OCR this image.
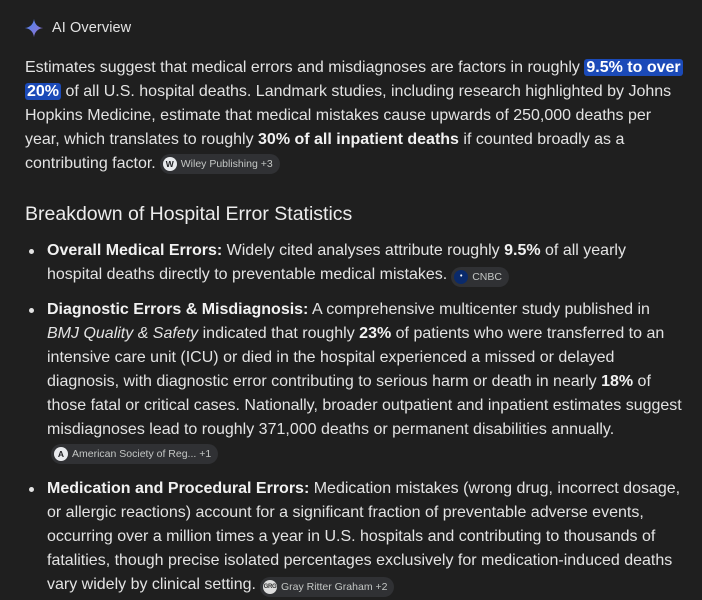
AI Overview

Estimates suggest that medical errors and misdiagnoses are factors in roughly 9.5% to over 20% of all U.S. hospital deaths. Landmark studies, including research highlighted by Johns Hopkins Medicine, estimate that medical mistakes cause upwards of 250,000 deaths per year, which translates to roughly 30% of all inpatient deaths if counted broadly as a contributing factor.	W Wiley Publishing +3

Breakdown of Hospital Error Statistics
Overall Medical Errors: Widely cited analyses attribute roughly 9.5% of all yearly hospital deaths directly to preventable medical mistakes.	• CNBC
Diagnostic Errors & Misdiagnosis: A comprehensive multicenter study published in BMJ Quality & Safety indicated that roughly 23% of patients who were transferred to an intensive care unit (ICU) or died in the hospital experienced a missed or delayed diagnosis, with diagnostic error contributing to serious harm or death in nearly 18% of those fatal or critical cases. Nationally, broader outpatient and inpatient estimates suggest misdiagnoses lead to roughly 371,000 deaths or permanent disabilities annually.
A American Society of Reg... +1
Medication and Procedural Errors: Medication mistakes (wrong drug, incorrect dosage, or allergic reactions) account for a significant fraction of preventable adverse events, occurring over a million times a year in U.S. hospitals and contributing to thousands of fatalities, though precise isolated percentages exclusively for medication-induced deaths vary widely by clinical setting. GRG Gray Ritter Graham +2
